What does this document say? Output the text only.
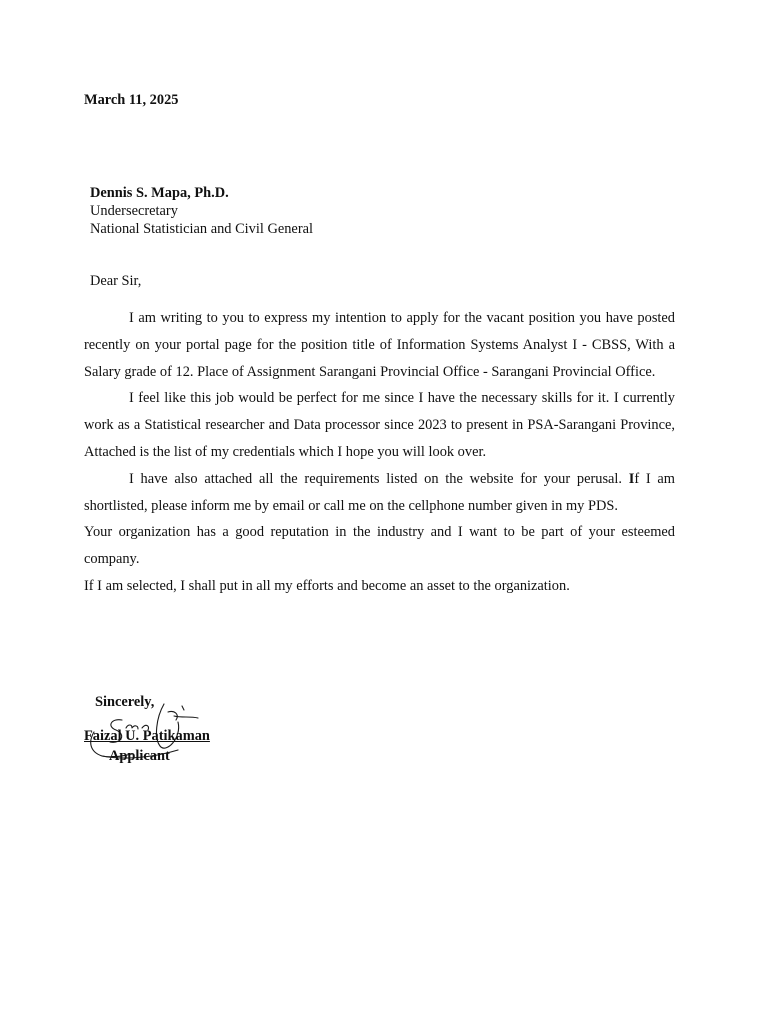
March 11, 2025
Dennis S. Mapa, Ph.D.
Undersecretary
National Statistician and Civil General
Dear Sir,

I am writing to you to express my intention to apply for the vacant position you have posted recently on your portal page for the position title of Information Systems Analyst I - CBSS, With a Salary grade of 12. Place of Assignment Sarangani Provincial Office - Sarangani Provincial Office.

I feel like this job would be perfect for me since I have the necessary skills for it. I currently work as a Statistical researcher and Data processor since 2023 to present in PSA-Sarangani Province, Attached is the list of my credentials which I hope you will look over.

I have also attached all the requirements listed on the website for your perusal. If I am shortlisted, please inform me by email or call me on the cellphone number given in my PDS.

Your organization has a good reputation in the industry and I want to be part of your esteemed company.

If I am selected, I shall put in all my efforts and become an asset to the organization.

Sincerely,
Faizal U. Patikaman
Applicant
